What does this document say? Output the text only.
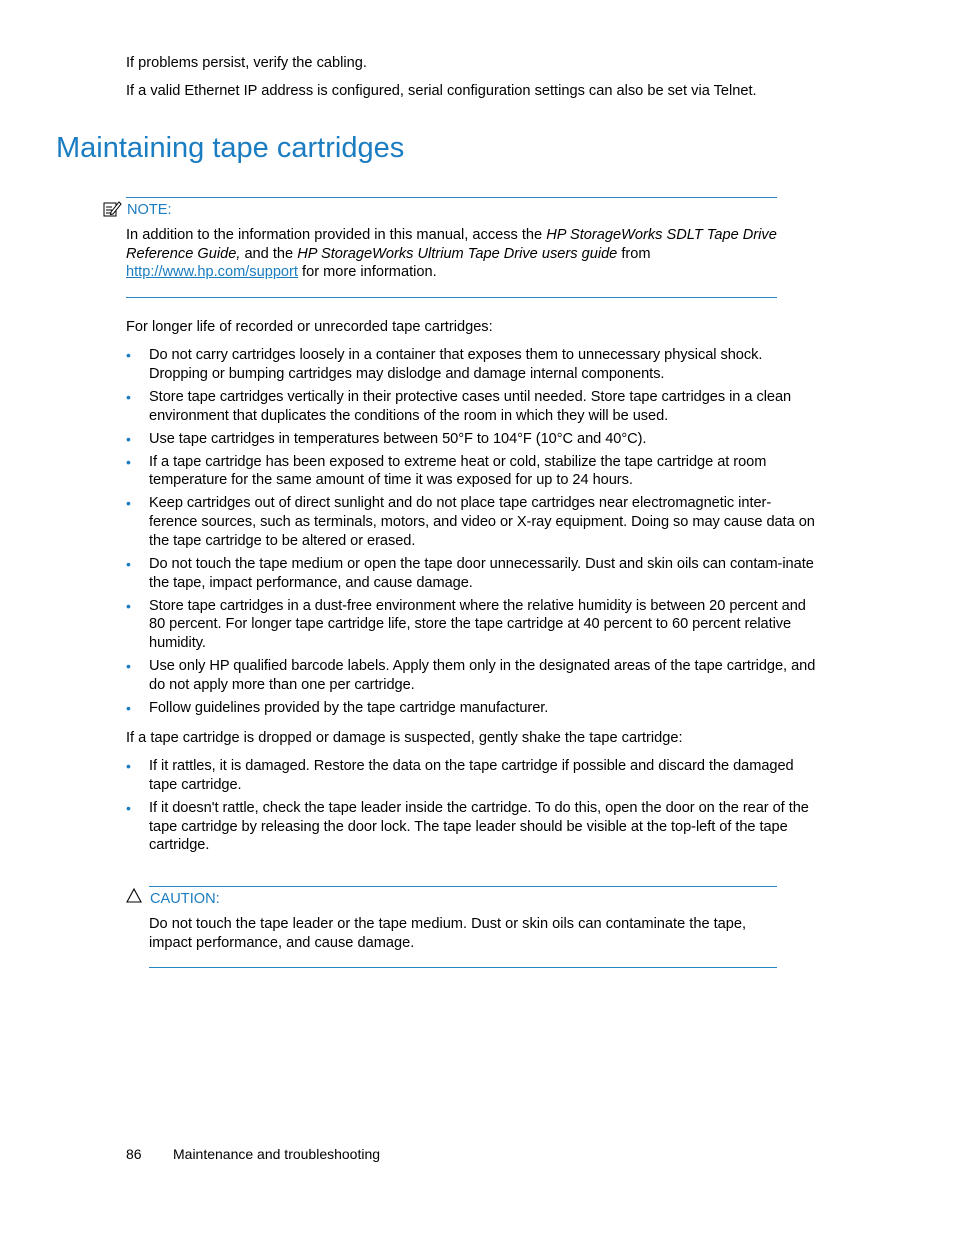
If problems persist, verify the cabling.

If a valid Ethernet IP address is configured, serial configuration settings can also be set via Telnet.

Maintaining tape cartridges
NOTE:
In addition to the information provided in this manual, access the HP StorageWorks SDLT Tape Drive
Reference Guide, and the HP StorageWorks Ultrium Tape Drive users guide from
http://www.hp.com/support for more information.

For longer life of recorded or unrecorded tape cartridges:

• Do not carry cartridges loosely in a container that exposes them to unnecessary physical shock. Dropping or bumping cartridges may dislodge and damage internal components.
• Store tape cartridges vertically in their protective cases until needed. Store tape cartridges in a clean environment that duplicates the conditions of the room in which they will be used.
• Use tape cartridges in temperatures between 50°F to 104°F (10°C and 40°C).
• If a tape cartridge has been exposed to extreme heat or cold, stabilize the tape cartridge at room temperature for the same amount of time it was exposed for up to 24 hours.
• Keep cartridges out of direct sunlight and do not place tape cartridges near electromagnetic inter-ference sources, such as terminals, motors, and video or X-ray equipment. Doing so may cause data on the tape cartridge to be altered or erased.
• Do not touch the tape medium or open the tape door unnecessarily. Dust and skin oils can contam-inate the tape, impact performance, and cause damage.
• Store tape cartridges in a dust-free environment where the relative humidity is between 20 percent and 80 percent. For longer tape cartridge life, store the tape cartridge at 40 percent to 60 percent relative humidity.
• Use only HP qualified barcode labels. Apply them only in the designated areas of the tape cartridge, and do not apply more than one per cartridge.
• Follow guidelines provided by the tape cartridge manufacturer.

If a tape cartridge is dropped or damage is suspected, gently shake the tape cartridge:

• If it rattles, it is damaged. Restore the data on the tape cartridge if possible and discard the damaged tape cartridge.
• If it doesn't rattle, check the tape leader inside the cartridge. To do this, open the door on the rear of the tape cartridge by releasing the door lock. The tape leader should be visible at the top-left of the tape cartridge.
CAUTION:
Do not touch the tape leader or the tape medium. Dust or skin oils can contaminate the tape,
impact performance, and cause damage.
86 Maintenance and troubleshooting
